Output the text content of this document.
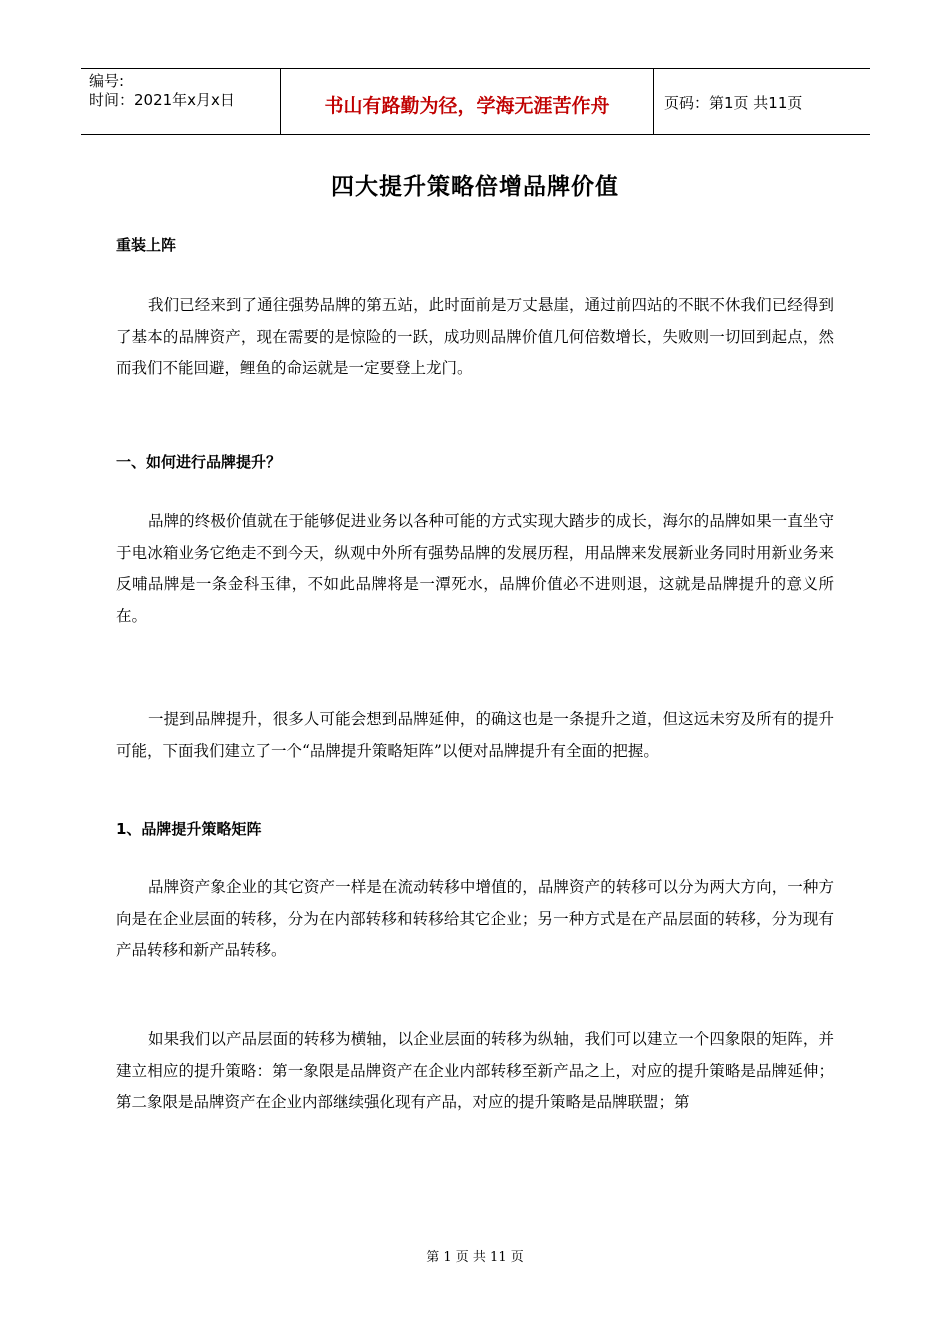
编号:
时间：2021年x月x日	书山有路勤为径，学海无涯苦作舟	页码：第1页 共11页
四大提升策略倍增品牌价值
重装上阵
我们已经来到了通往强势品牌的第五站，此时面前是万丈悬崖，通过前四站的不眠不休我们已经得到了基本的品牌资产，现在需要的是惊险的一跃，成功则品牌价值几何倍数增长，失败则一切回到起点，然而我们不能回避，鲤鱼的命运就是一定要登上龙门。
一、如何进行品牌提升？
品牌的终极价值就在于能够促进业务以各种可能的方式实现大踏步的成长，海尔的品牌如果一直坐守于电冰箱业务它绝走不到今天，纵观中外所有强势品牌的发展历程，用品牌来发展新业务同时用新业务来反哺品牌是一条金科玉律，不如此品牌将是一潭死水，品牌价值必不进则退，这就是品牌提升的意义所在。
一提到品牌提升，很多人可能会想到品牌延伸，的确这也是一条提升之道，但这远未穷及所有的提升可能，下面我们建立了一个“品牌提升策略矩阵”以便对品牌提升有全面的把握。
1、品牌提升策略矩阵
品牌资产象企业的其它资产一样是在流动转移中增值的，品牌资产的转移可以分为两大方向，一种方向是在企业层面的转移，分为在内部转移和转移给其它企业；另一种方式是在产品层面的转移，分为现有产品转移和新产品转移。
如果我们以产品层面的转移为横轴，以企业层面的转移为纵轴，我们可以建立一个四象限的矩阵，并建立相应的提升策略：第一象限是品牌资产在企业内部转移至新产品之上，对应的提升策略是品牌延伸；第二象限是品牌资产在企业内部继续强化现有产品，对应的提升策略是品牌联盟；第
第 1 页 共 11 页
